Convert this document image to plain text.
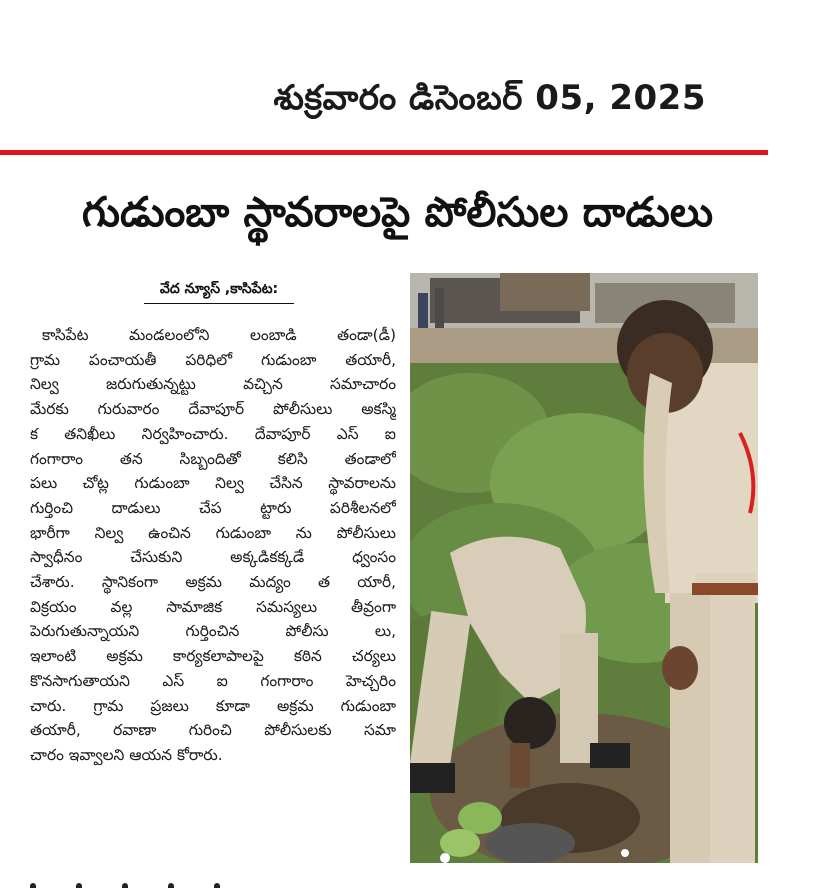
శుక్రవారం డిసెంబర్ 05, 2025
గుడుంబా స్థావరాలపై పోలీసుల దాడులు
వేద న్యూస్ ,కాసిపేట:
కాసిపేట మండలంలోని లంబాడి తండా(డీ)
గ్రామ పంచాయతీ పరిధిలో గుడుంబా తయారీ,
నిల్వ జరుగుతున్నట్టు వచ్చిన సమాచారం
మేరకు గురువారం దేవాపూర్ పోలీసులు అకస్మి
క తనిఖీలు నిర్వహించారు. దేవాపూర్ ఎస్ ఐ
గంగారాం తన సిబ్బందితో కలిసి తండాలో
పలు చోట్ల గుడుంబా నిల్వ చేసిన స్థావరాలను
గుర్తించి దాడులు చేప ట్టారు పరిశీలనలో
భారీగా నిల్వ ఉంచిన గుడుంబా ను పోలీసులు
స్వాధీనం చేసుకుని అక్కడికక్కడే ధ్వంసం
చేశారు. స్థానికంగా అక్రమ మద్యం త యారీ,
విక్రయం వల్ల సామాజిక సమస్యలు తీవ్రంగా
పెరుగుతున్నాయని గుర్తించిన పోలీసు లు,
ఇలాంటి అక్రమ కార్యకలాపాలపై కఠిన చర్యలు
కొనసాగుతాయని ఎస్ ఐ గంగారాం హెచ్చరిం
చారు. గ్రామ ప్రజలు కూడా అక్రమ గుడుంబా
తయారీ, రవాణా గురించి పోలీసులకు సమా
చారం ఇవ్వాలని ఆయన కోరారు.
